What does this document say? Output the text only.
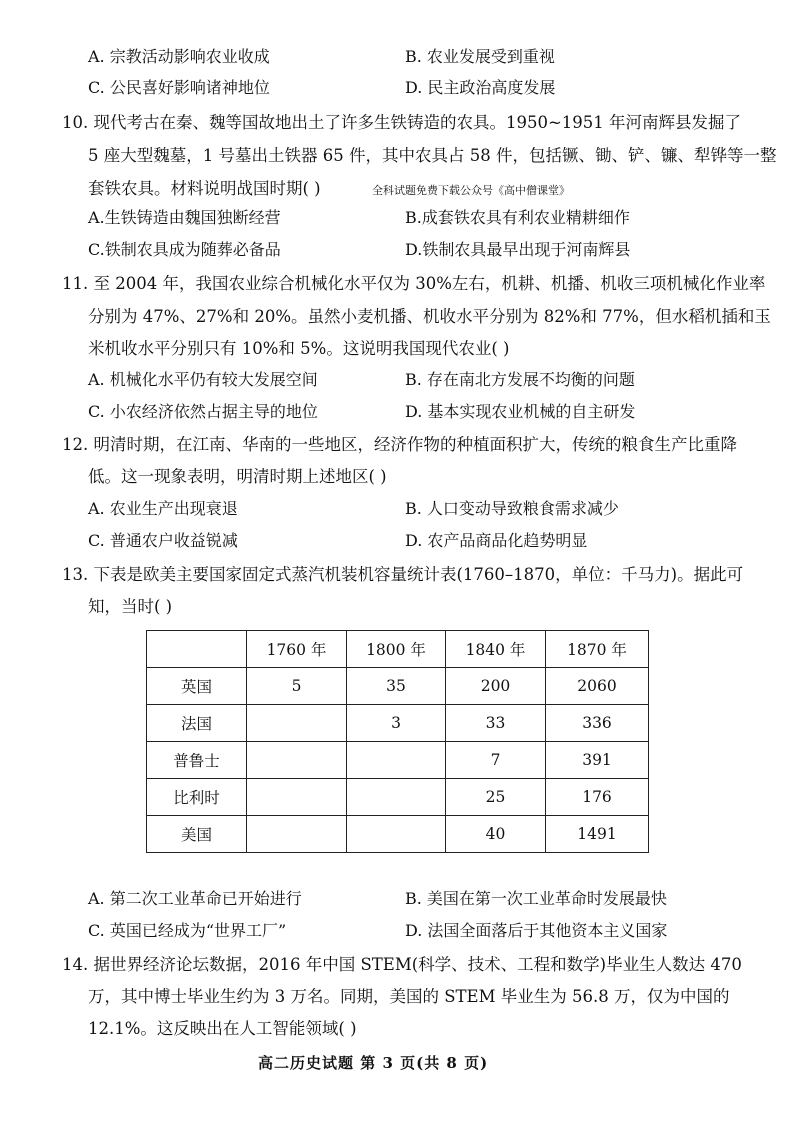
A. 宗教活动影响农业收成	B. 农业发展受到重视
C. 公民喜好影响诸神地位	D. 民主政治高度发展
10. 现代考古在秦、魏等国故地出土了许多生铁铸造的农具。1950~1951 年河南辉县发掘了
5 座大型魏墓，1 号墓出土铁器 65 件，其中农具占 58 件，包括镢、锄、铲、镰、犁铧等一整
套铁农具。材料说明战国时期( )	全科试题免费下载公众号《高中僧课堂》
A.生铁铸造由魏国独断经营	B.成套铁农具有利农业精耕细作
C.铁制农具成为随葬必备品	D.铁制农具最早出现于河南辉县
11. 至 2004 年，我国农业综合机械化水平仅为 30%左右，机耕、机播、机收三项机械化作业率
分别为 47%、27%和 20%。虽然小麦机播、机收水平分别为 82%和 77%，但水稻机插和玉
米机收水平分别只有 10%和 5%。这说明我国现代农业( )
A. 机械化水平仍有较大发展空间	B. 存在南北方发展不均衡的问题
C. 小农经济依然占据主导的地位	D. 基本实现农业机械的自主研发
12. 明清时期，在江南、华南的一些地区，经济作物的种植面积扩大，传统的粮食生产比重降
低。这一现象表明，明清时期上述地区( )
A. 农业生产出现衰退	B. 人口变动导致粮食需求减少
C. 普通农户收益锐减	D. 农产品商品化趋势明显
13. 下表是欧美主要国家固定式蒸汽机装机容量统计表(1760–1870，单位：千马力)。据此可
知，当时( )
	1760 年	1800 年	1840 年	1870 年
英国	5	35	200	2060
法国		3	33	336
普鲁士			7	391
比利时			25	176
美国			40	1491
A. 第二次工业革命已开始进行	B. 美国在第一次工业革命时发展最快
C. 英国已经成为“世界工厂”	D. 法国全面落后于其他资本主义国家
14. 据世界经济论坛数据，2016 年中国 STEM(科学、技术、工程和数学)毕业生人数达 470
万，其中博士毕业生约为 3 万名。同期，美国的 STEM 毕业生为 56.8 万，仅为中国的
12.1%。这反映出在人工智能领域( )
高二历史试题 第 3 页(共 8 页)
